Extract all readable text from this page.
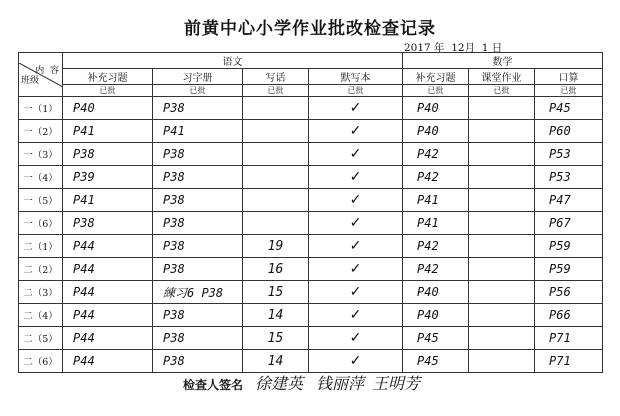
前黄中心小学作业批改检查记录
2017 年  12月  1 日
内  容
班级	语文				数学		
	补充习题	习字册	写话	默写本	补充习题	课堂作业	口算
	已批	已批	已批	已批	已批	已批	已批
一（1）	P40	P38		✓	P40		P45
一（2）	P41	P41		✓	P40		P60
一（3）	P38	P38		✓	P42		P53
一（4）	P39	P38		✓	P42		P53
一（5）	P41	P38		✓	P41		P47
一（6）	P38	P38		✓	P41		P67
二（1）	P44	P38	19	✓	P42		P59
二（2）	P44	P38	16	✓	P42		P59
二（3）	P44	練习6 P38	15	✓	P40		P56
二（4）	P44	P38	14	✓	P40		P66
二（5）	P44	P38	15	✓	P45		P71
二（6）	P44	P38	14	✓	P45		P71
检查人签名 徐建英 钱丽萍 王明芳
